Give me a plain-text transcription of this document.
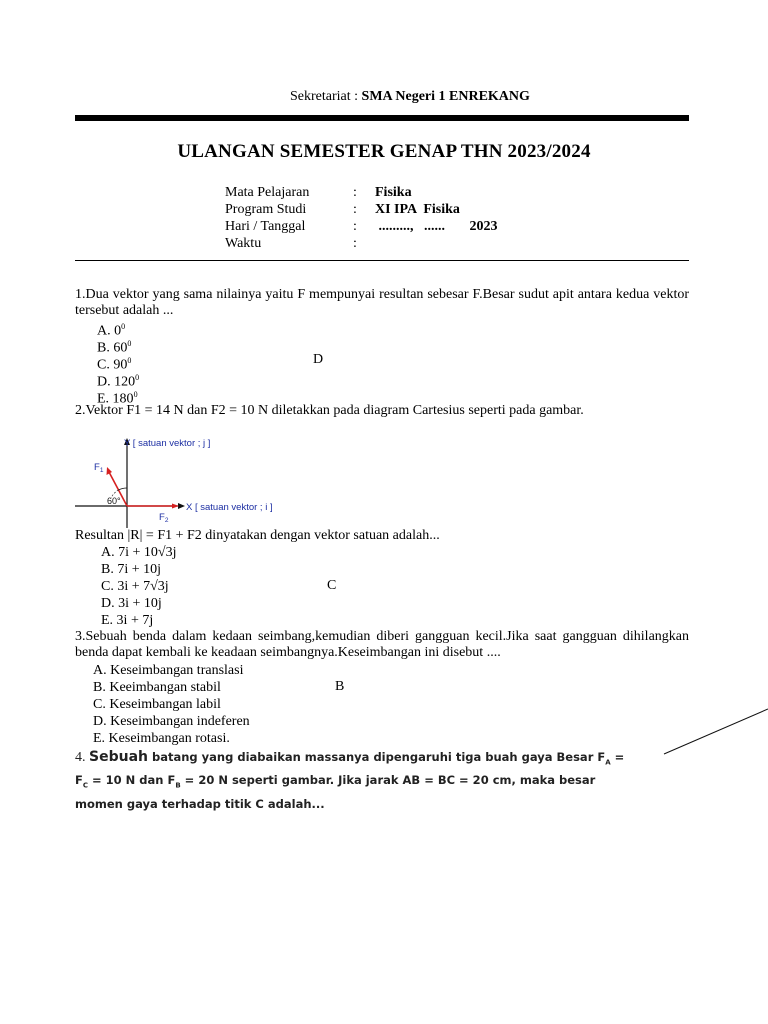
Sekretariat : SMA Negeri 1 ENREKANG
ULANGAN SEMESTER GENAP THN 2023/2024
Mata Pelajaran	:	Fisika
Program Studi	:	XI IPA  Fisika
Hari / Tanggal	:	.........,   ......       2023
Waktu	:
1.Dua vektor yang sama nilainya yaitu F mempunyai resultan sebesar F.Besar sudut apit antara kedua vektor tersebut adalah ...
A. $0^0$
B. $60^0$
C. $90^0$
D. $120^0$
E. $180^0$
D
2.Vektor F1 = 14 N dan F2 = 10 N diletakkan pada diagram Cartesius seperti pada gambar.
Y [ satuan vektor ; j ]
X [ satuan vektor ; i ]
$F_1$
$F_2$
60°
Resultan |R| = F1 + F2 dinyatakan dengan vektor satuan adalah...
A. 7i + 10√3j
B. 7i + 10j
C. 3i + 7√3j
D. 3i + 10j
E. 3i + 7j
C
3.Sebuah benda dalam kedaan seimbang,kemudian diberi gangguan kecil.Jika saat gangguan dihilangkan benda dapat kembali ke keadaan seimbangnya.Keseimbangan ini disebut ....
A. Keseimbangan translasi
B. Keeimbangan stabil
C. Keseimbangan labil
D. Keseimbangan indeferen
E. Keseimbangan rotasi.
B
4. Sebuah batang yang diabaikan massanya dipengaruhi tiga buah gaya Besar $F_A$ =
$F_C = 10$ N dan $F_B = 20$ N seperti gambar. Jika jarak AB = BC = 20 cm, maka besar
momen gaya terhadap titik C adalah...
